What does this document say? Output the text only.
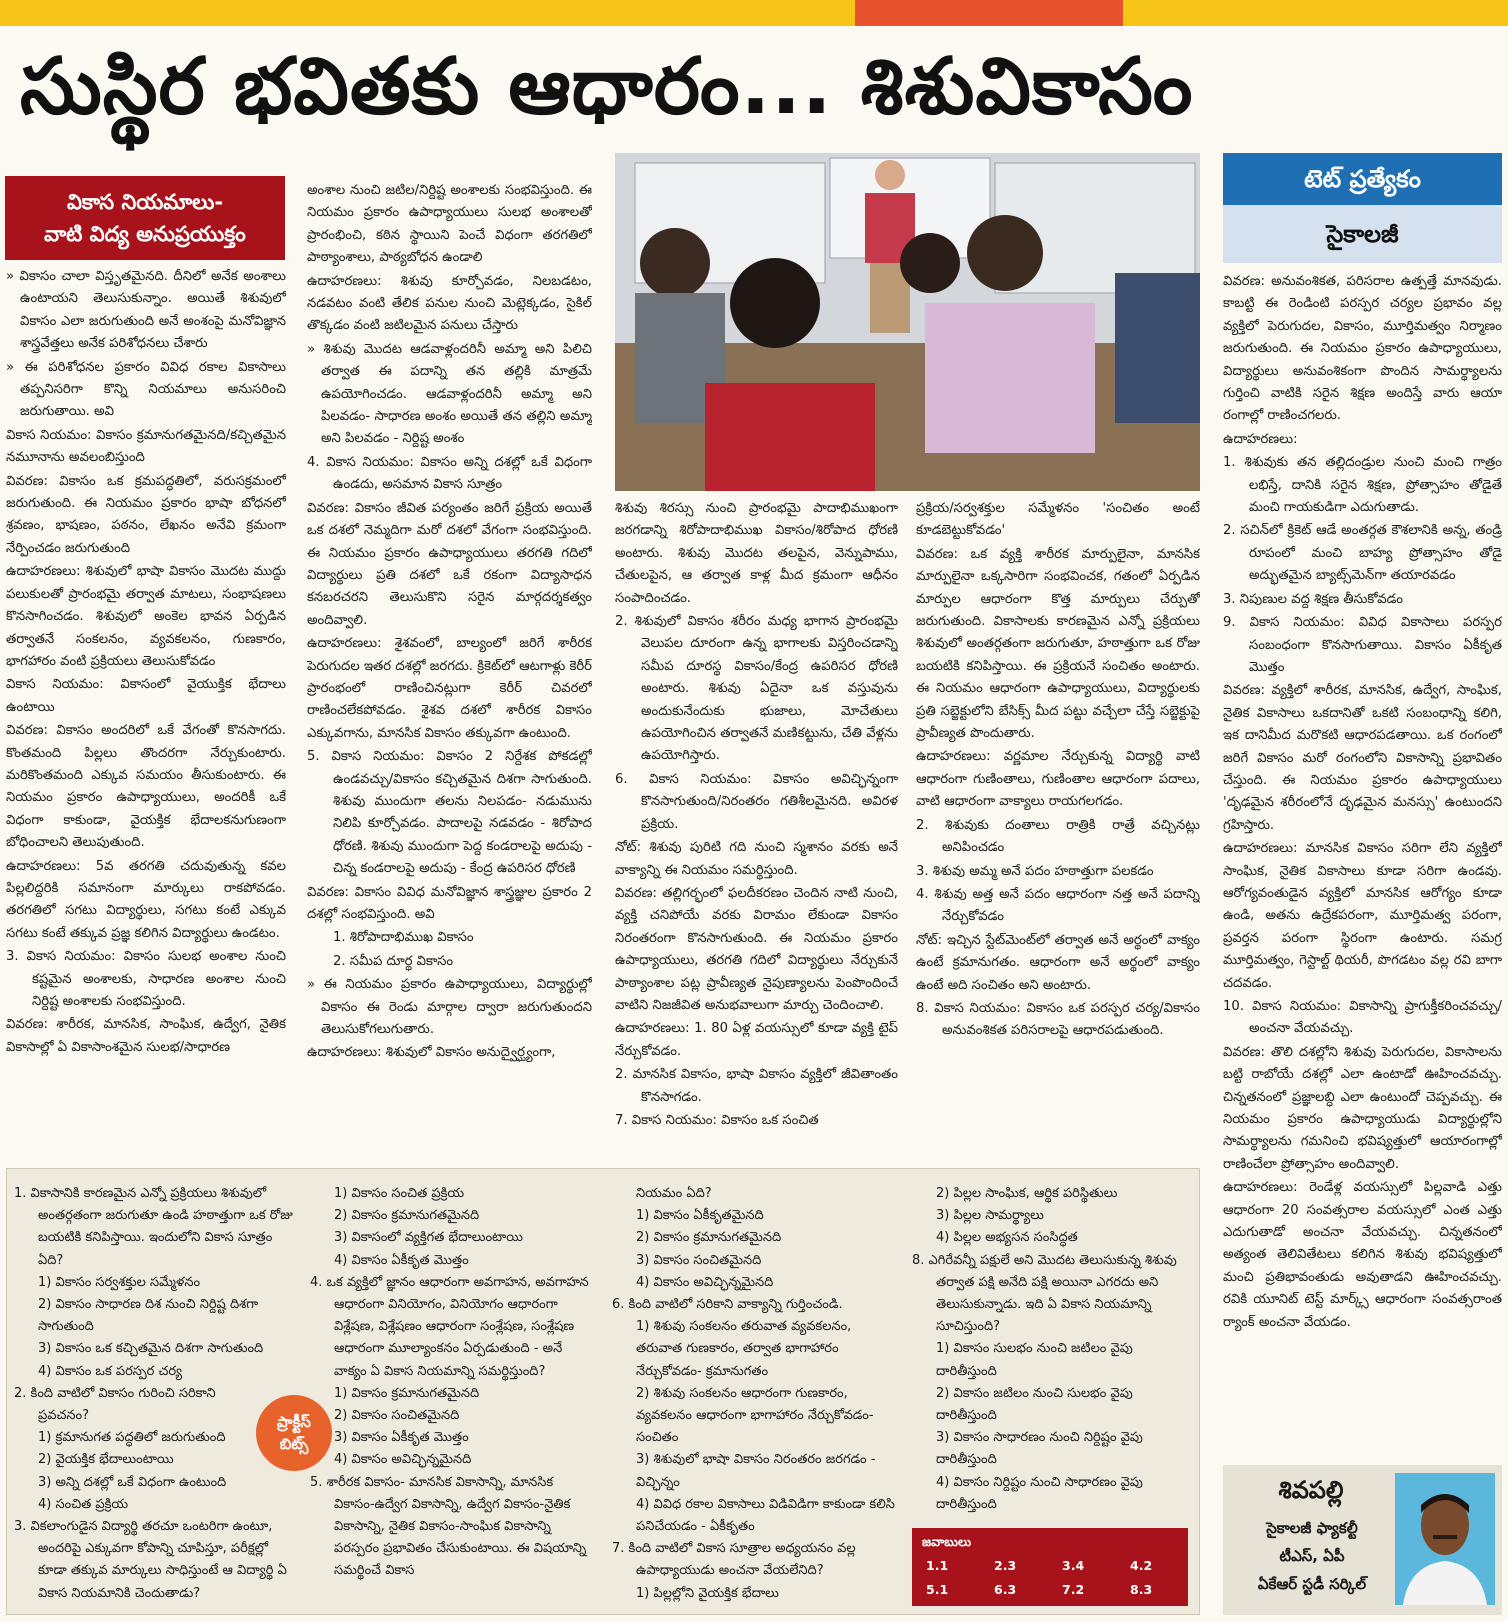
సుస్థిర భవితకు ఆధారం... శిశువికాసం
వికాస నియమాలు-
వాటి విద్య అనుప్రయుక్తం

» వికాసం చాలా విస్తృతమైనది. దీనిలో అనేక అంశాలు ఉంటాయని తెలుసుకున్నాం. అయితే శిశువులో వికాసం ఎలా జరుగుతుంది అనే అంశంపై మనోవిజ్ఞాన శాస్త్రవేత్తలు అనేక పరిశోధనలు చేశారు

» ఈ పరిశోధనల ప్రకారం వివిధ రకాల వికాసాలు తప్పనిసరిగా కొన్ని నియమాలు అనుసరించి జరుగుతాయి. అవి

వికాస నియమం: వికాసం క్రమానుగతమైనది/కచ్చితమైన నమూనాను అవలంబిస్తుంది

వివరణ: వికాసం ఒక క్రమపద్ధతిలో, వరుసక్రమంలో జరుగుతుంది. ఈ నియమం ప్రకారం భాషా బోధనలో శ్రవణం, భాషణం, పఠనం, లేఖనం అనేవి క్రమంగా నేర్పించడం జరుగుతుంది

ఉదాహరణలు: శిశువులో భాషా వికాసం మొదట ముద్దు పలుకులతో ప్రారంభమై తర్వాత మాటలు, సంభాషణలు కొనసాగించడం. శిశువులో అంకెల భావన ఏర్పడిన తర్వాతనే సంకలనం, వ్యవకలనం, గుణకారం, భాగహారం వంటి ప్రక్రియలు తెలుసుకోవడం

వికాస నియమం: వికాసంలో వైయుక్తిక భేదాలు ఉంటాయి

వివరణ: వికాసం అందరిలో ఒకే వేగంతో కొనసాగదు. కొంతమంది పిల్లలు తొందరగా నేర్చుకుంటారు. మరికొంతమంది ఎక్కువ సమయం తీసుకుంటారు. ఈ నియమం ప్రకారం ఉపాధ్యాయులు, అందరికీ ఒకే విధంగా కాకుండా, వైయక్తిక భేదాలకనుగుణంగా బోధించాలని తెలుపుతుంది.

ఉదాహరణలు: 5వ తరగతి చదువుతున్న కవల పిల్లలిద్దరికి సమానంగా మార్కులు రాకపోవడం. తరగతిలో సగటు విద్యార్థులు, సగటు కంటే ఎక్కువ సగటు కంటే తక్కువ ప్రజ్ఞ కలిగిన విద్యార్థులు ఉండటం.

3. వికాస నియమం: వికాసం సులభ అంశాల నుంచి కష్టమైన అంశాలకు, సాధారణ అంశాల నుంచి నిర్దిష్ట అంశాలకు సంభవిస్తుంది.

వివరణ: శారీరక, మానసిక, సాంఘిక, ఉద్వేగ, నైతిక వికాసాల్లో ఏ వికాసాంశమైన సులభ/సాధారణ

అంశాల నుంచి జటిల/నిర్దిష్ట అంశాలకు సంభవిస్తుంది. ఈ నియమం ప్రకారం ఉపాధ్యాయులు సులభ అంశాలతో ప్రారంభించి, కఠిన స్థాయిని పెంచే విధంగా తరగతిలో పాఠ్యాంశాలు, పాఠ్యబోధన ఉండాలి

ఉదాహరణలు: శిశువు కూర్చోవడం, నిలబడటం, నడవటం వంటి తేలిక పనుల నుంచి మెట్లెక్కడం, సైకిల్ తొక్కడం వంటి జటిలమైన పనులు చేస్తారు

» శిశువు మొదట ఆడవాళ్లందరినీ అమ్మా అని పిలిచి తర్వాత ఈ పదాన్ని తన తల్లికి మాత్రమే ఉపయోగించడం. ఆడవాళ్లందరినీ అమ్మా అని పిలవడం- సాధారణ అంశం అయితే తన తల్లిని అమ్మా అని పిలవడం - నిర్దిష్ట అంశం

4. వికాస నియమం: వికాసం అన్ని దశల్లో ఒకే విధంగా ఉండదు, అసమాన వికాస సూత్రం

వివరణ: వికాసం జీవిత పర్యంతం జరిగే ప్రక్రియ అయితే ఒక దశలో నెమ్మదిగా మరో దశలో వేగంగా సంభవిస్తుంది. ఈ నియమం ప్రకారం ఉపాధ్యాయులు తరగతి గదిలో విద్యార్థులు ప్రతి దశలో ఒకే రకంగా విద్యాసాధన కనబరచరని తెలుసుకొని సరైన మార్గదర్శకత్వం అందివ్వాలి.

ఉదాహరణలు: శైశవంలో, బాల్యంలో జరిగే శారీరక పెరుగుదల ఇతర దశల్లో జరగదు. క్రికెట్‌లో ఆటగాళ్లు కెరీర్ ప్రారంభంలో రాణించినట్లుగా కెరీర్ చివరలో రాణించలేకపోవడం. శైశవ దశలో శారీరక వికాసం ఎక్కువగాను, మానసిక వికాసం తక్కువగా ఉంటుంది.

5. వికాస నియమం: వికాసం 2 నిర్దేశక పోకడల్లో ఉండవచ్చు/వికాసం కచ్చితమైన దిశగా సాగుతుంది. శిశువు ముందుగా తలను నిలపడం- నడుమును నిలిపి కూర్చోవడం. పాదాలపై నడవడం - శిరోపాద ధోరణి. శిశువు ముందుగా పెద్ద కండరాలపై అదుపు - చిన్న కండరాలపై అదుపు - కేంద్ర ఉపరిసర ధోరణి

వివరణ: వికాసం వివిధ మనోవిజ్ఞాన శాస్త్రజ్ఞుల ప్రకారం 2 దశల్లో సంభవిస్తుంది. అవి

1. శిరోపాదాభిముఖ వికాసం

2. సమీప దూర్థ వికాసం

» ఈ నియమం ప్రకారం ఉపాధ్యాయులు, విద్యార్థుల్లో వికాసం ఈ రెండు మార్గాల ద్వారా జరుగుతుందని తెలుసుకోగలుగుతారు.

ఉదాహరణలు: శిశువులో వికాసం అనుద్వైర్ఘ్యంగా,

శిశువు శిరస్సు నుంచి ప్రారంభమై పాదాభిముఖంగా జరగడాన్ని శిరోపాదాభిముఖ వికాసం/శిరోపాద ధోరణి అంటారు. శిశువు మొదట తలపైన, వెన్నుపాము, చేతులపైన, ఆ తర్వాత కాళ్ల మీద క్రమంగా ఆధీనం సంపాదించడం.

2. శిశువులో వికాసం శరీరం మధ్య భాగాన ప్రారంభమై వెలుపల దూరంగా ఉన్న భాగాలకు విస్తరించడాన్ని సమీప దూరస్థ వికాసం/కేంద్ర ఉపరిసర ధోరణి అంటారు. శిశువు ఏదైనా ఒక వస్తువును అందుకునేందుకు భుజాలు, మోచేతులు ఉపయోగించిన తర్వాతనే మణికట్టును, చేతి వేళ్లను ఉపయోగిస్తారు.

6. వికాస నియమం: వికాసం అవిచ్ఛిన్నంగా కొనసాగుతుంది/నిరంతరం గతిశీలమైనది. అవిరళ ప్రక్రియ.

నోట్: శిశువు పురిటి గది నుంచి స్మశానం వరకు అనే వాక్యాన్ని ఈ నియమం సమర్థిస్తుంది.

వివరణ: తల్లిగర్భంలో ఫలదీకరణం చెందిన నాటి నుంచి, వ్యక్తి చనిపోయే వరకు విరామం లేకుండా వికాసం నిరంతరంగా కొనసాగుతుంది. ఈ నియమం ప్రకారం ఉపాధ్యాయులు, తరగతి గదిలో విద్యార్థులు నేర్చుకునే పాఠ్యాంశాల పట్ల ప్రావీణ్యత నైపుణ్యాలను పెంపొందించే వాటిని నిజజీవిత అనుభవాలుగా మార్చు చెందించాలి.

ఉదాహరణలు: 1. 80 ఏళ్ల వయస్సులో కూడా వ్యక్తి టైప్ నేర్చుకోవడం.

2. మానసిక వికాసం, భాషా వికాసం వ్యక్తిలో జీవితాంతం కొనసాగడం.

7. వికాస నియమం: వికాసం ఒక సంచిత

ప్రక్రియ/సర్వశక్తుల సమ్మేళనం 'సంచితం అంటే కూడబెట్టుకోవడం'

వివరణ: ఒక వ్యక్తి శారీరక మార్పులైనా, మానసిక మార్పులైనా ఒక్కసారిగా సంభవించక, గతంలో ఏర్పడిన మార్పుల ఆధారంగా కొత్త మార్పులు చేర్పుతో జరుగుతుంది. వికాసాలకు కారణమైన ఎన్నో ప్రక్రియలు శిశువులో అంతర్గతంగా జరుగుతూ, హఠాత్తుగా ఒక రోజు బయటికి కనిపిస్తాయి. ఈ ప్రక్రియనే సంచితం అంటారు. ఈ నియమం ఆధారంగా ఉపాధ్యాయులు, విద్యార్థులకు ప్రతి సబ్జెక్టులోని బేసిక్స్ మీద పట్టు వచ్చేలా చేస్తే సబ్జెక్టుపై ప్రావీణ్యత పొందుతారు.

ఉదాహరణలు: వర్ణమాల నేర్చుకున్న విద్యార్థి వాటి ఆధారంగా గుణింతాలు, గుణింతాల ఆధారంగా పదాలు, వాటి ఆధారంగా వాక్యాలు రాయగలగడం.

2. శిశువుకు దంతాలు రాత్రికి రాత్రే వచ్చినట్లు అనిపించడం

3. శిశువు అమ్మ అనే పదం హఠాత్తుగా పలకడం

4. శిశువు అత్త అనే పదం ఆధారంగా నత్త అనే పదాన్ని నేర్చుకోవడం

నోట్: ఇచ్చిన స్టేట్‌మెంట్‌లో తర్వాత అనే అర్థంలో వాక్యం ఉంటే క్రమానుగతం. ఆధారంగా అనే అర్థంలో వాక్యం ఉంటే అది సంచితం అని అంటారు.

8. వికాస నియమం: వికాసం ఒక పరస్పర చర్య/వికాసం అనువంశికత పరిసరాలపై ఆధారపడుతుంది.

టెట్ ప్రత్యేకం
సైకాలజీ

వివరణ: అనువంశికత, పరిసరాల ఉత్పత్తే మానవుడు. కాబట్టి ఈ రెండింటి పరస్పర చర్యల ప్రభావం వల్ల వ్యక్తిలో పెరుగుదల, వికాసం, మూర్తిమత్వం నిర్మాణం జరుగుతుంది. ఈ నియమం ప్రకారం ఉపాధ్యాయులు, విద్యార్థులు అనువంశికంగా పొందిన సామర్థ్యాలను గుర్తించి వాటికి సరైన శిక్షణ అందిస్తే వారు ఆయా రంగాల్లో రాణించగలరు.

ఉదాహరణలు:

1. శిశువుకు తన తల్లిదండ్రుల నుంచి మంచి గాత్రం లభిస్తే, దానికి సరైన శిక్షణ, ప్రోత్సాహం తోడైతే మంచి గాయకుడిగా ఎదుగుతాడు.

2. సచిన్‌లో క్రికెట్ ఆడే అంతర్గత కౌశలానికి అన్న, తండ్రి రూపంలో మంచి బాహ్య ప్రోత్సాహం తోడై అద్భుతమైన బ్యాట్స్‌మెన్‌గా తయారవడం

3. నిపుణుల వద్ద శిక్షణ తీసుకోవడం

9. వికాస నియమం: వివిధ వికాసాలు పరస్పర సంబంధంగా కొనసాగుతాయి. వికాసం ఏకీకృత మొత్తం

వివరణ: వ్యక్తిలో శారీరక, మానసిక, ఉద్వేగ, సాంఘిక, నైతిక వికాసాలు ఒకదానితో ఒకటి సంబంధాన్ని కలిగి, ఇక దానిమీద మరొకటి ఆధారపడతాయి. ఒక రంగంలో జరిగే వికాసం మరో రంగంలోని వికాసాన్ని ప్రభావితం చేస్తుంది. ఈ నియమం ప్రకారం ఉపాధ్యాయులు 'దృఢమైన శరీరంలోనే దృఢమైన మనస్సు' ఉంటుందని గ్రహిస్తారు.

ఉదాహరణలు: మానసిక వికాసం సరిగా లేని వ్యక్తిలో సాంఘిక, నైతిక వికాసాలు కూడా సరిగా ఉండవు. ఆరోగ్యవంతుడైన వ్యక్తిలో మానసిక ఆరోగ్యం కూడా ఉండి, అతను ఉద్రేకపరంగా, మూర్తిమత్వ పరంగా, ప్రవర్తన పరంగా స్థిరంగా ఉంటారు. సమగ్ర మూర్తిమత్వం, గెస్టాల్ట్ థియరీ, పొగడటం వల్ల రవి బాగా చదవడం.

10. వికాస నియమం: వికాసాన్ని ప్రాగుక్తీకరించవచ్చు/ అంచనా వేయవచ్చు.

వివరణ: తొలి దశల్లోని శిశువు పెరుగుదల, వికాసాలను బట్టి రాబోయే దశల్లో ఎలా ఉంటాడో ఊహించవచ్చు. చిన్నతనంలో ప్రజ్ఞాలబ్ధి ఎలా ఉంటుందో చెప్పవచ్చు. ఈ నియమం ప్రకారం ఉపాధ్యాయుడు విద్యార్థుల్లోని సామర్థ్యాలను గమనించి భవిష్యత్తులో ఆయారంగాల్లో రాణించేలా ప్రోత్సాహం అందివ్వాలి.

ఉదాహరణలు: రెండేళ్ల వయస్సులో పిల్లవాడి ఎత్తు ఆధారంగా 20 సంవత్సరాల వయస్సులో ఎంత ఎత్తు ఎదుగుతాడో అంచనా వేయవచ్చు. చిన్నతనంలో అత్యంత తెలివితేటలు కలిగిన శిశువు భవిష్యత్తులో మంచి ప్రతిభావంతుడు అవుతాడని ఊహించవచ్చు. రవికి యూనిట్ టెస్ట్ మార్క్స్ ఆధారంగా సంవత్సరాంత ర్యాంక్ అంచనా వేయడం.

1. వికాసానికి కారణమైన ఎన్నో ప్రక్రియలు శిశువులో అంతర్గతంగా జరుగుతూ ఉండి హఠాత్తుగా ఒక రోజు బయటికి కనిపిస్తాయి. ఇందులోని వికాస సూత్రం ఏది?

1) వికాసం సర్వశక్తుల సమ్మేళనం

2) వికాసం సాధారణ దిశ నుంచి నిర్దిష్ట దిశగా సాగుతుంది

3) వికాసం ఒక కచ్చితమైన దిశగా సాగుతుంది

4) వికాసం ఒక పరస్పర చర్య

2. కింది వాటిలో వికాసం గురించి సరికాని ప్రవచనం?

1) క్రమానుగత పద్ధతిలో జరుగుతుంది

2) వైయక్తిక భేదాలుంటాయి

3) అన్ని దశల్లో ఒకే విధంగా ఉంటుంది

4) సంచిత ప్రక్రియ

3. వికలాంగుడైన విద్యార్థి తరచూ ఒంటరిగా ఉంటూ, అందరిపై ఎక్కువగా కోపాన్ని చూపిస్తూ, పరీక్షల్లో కూడా తక్కువ మార్కులు సాధిస్తుంటే ఆ విద్యార్థి ఏ వికాస నియమానికి చెందుతాడు?

ప్రాక్టీస్
బిట్స్

1) వికాసం సంచిత ప్రక్రియ

2) వికాసం క్రమానుగతమైనది

3) వికాసంలో వ్యక్తిగత భేదాలుంటాయి

4) వికాసం ఏకీకృత మొత్తం

4. ఒక వ్యక్తిలో జ్ఞానం ఆధారంగా అవగాహన, అవగాహన ఆధారంగా వినియోగం, వినియోగం ఆధారంగా విశ్లేషణ, విశ్లేషణం ఆధారంగా సంశ్లేషణ, సంశ్లేషణ ఆధారంగా మూల్యాంకనం ఏర్పడుతుంది - అనే వాక్యం ఏ వికాస నియమాన్ని సమర్థిస్తుంది?

1) వికాసం క్రమానుగతమైనది

2) వికాసం సంచితమైనది

3) వికాసం ఏకీకృత మొత్తం

4) వికాసం అవిచ్ఛిన్నమైనది

5. శారీరక వికాసం- మానసిక వికాసాన్ని, మానసిక వికాసం-ఉద్వేగ వికాసాన్ని, ఉద్వేగ వికాసం-నైతిక వికాసాన్ని, నైతిక వికాసం-సాంఘిక వికాసాన్ని పరస్పరం ప్రభావితం చేసుకుంటాయి. ఈ విషయాన్ని సమర్థించే వికాస

నియమం ఏది?

1) వికాసం ఏకీకృతమైనది

2) వికాసం క్రమానుగతమైనది

3) వికాసం సంచితమైనది

4) వికాసం అవిచ్ఛిన్నమైనది

6. కింది వాటిలో సరికాని వాక్యాన్ని గుర్తించండి.

1) శిశువు సంకలనం తరువాత వ్యవకలనం, తరువాత గుణకారం, తర్వాత భాగాహారం నేర్చుకోవడం- క్రమానుగతం

2) శిశువు సంకలనం ఆధారంగా గుణకారం, వ్యవకలనం ఆధారంగా భాగాహారం నేర్చుకోవడం-సంచితం

3) శిశువులో భాషా వికాసం నిరంతరం జరగడం - విచ్ఛిన్నం

4) వివిధ రకాల వికాసాలు విడివిడిగా కాకుండా కలిసి పనిచేయడం - ఏకీకృతం

7. కింది వాటిలో వికాస సూత్రాల అధ్యయనం వల్ల ఉపాధ్యాయుడు అంచనా వేయలేనిది?

1) పిల్లల్లోని వైయక్తిక భేదాలు

2) పిల్లల సాంఘిక, ఆర్థిక పరిస్థితులు

3) పిల్లల సామర్థ్యాలు

4) పిల్లల అభ్యసన సంసిద్ధత

8. ఎగిరేవన్నీ పక్షులే అని మొదట తెలుసుకున్న శిశువు తర్వాత పక్షి అనేది పక్షి అయినా ఎగరదు అని తెలుసుకున్నాడు. ఇది ఏ వికాస నియమాన్ని సూచిస్తుంది?

1) వికాసం సులభం నుంచి జటిలం వైపు దారితీస్తుంది

2) వికాసం జటిలం నుంచి సులభం వైపు దారితీస్తుంది

3) వికాసం సాధారణం నుంచి నిర్దిష్టం వైపు దారితీస్తుంది

4) వికాసం నిర్దిష్టం నుంచి సాధారణం వైపు దారితీస్తుంది

జవాబులు
1.1	2.3	3.4	4.2
5.1	6.3	7.2	8.3
శివపల్లి
సైకాలజీ ఫ్యాకల్టీ
టీఎస్, ఏపీ
ఏకేఆర్ స్టడీ సర్కిల్
